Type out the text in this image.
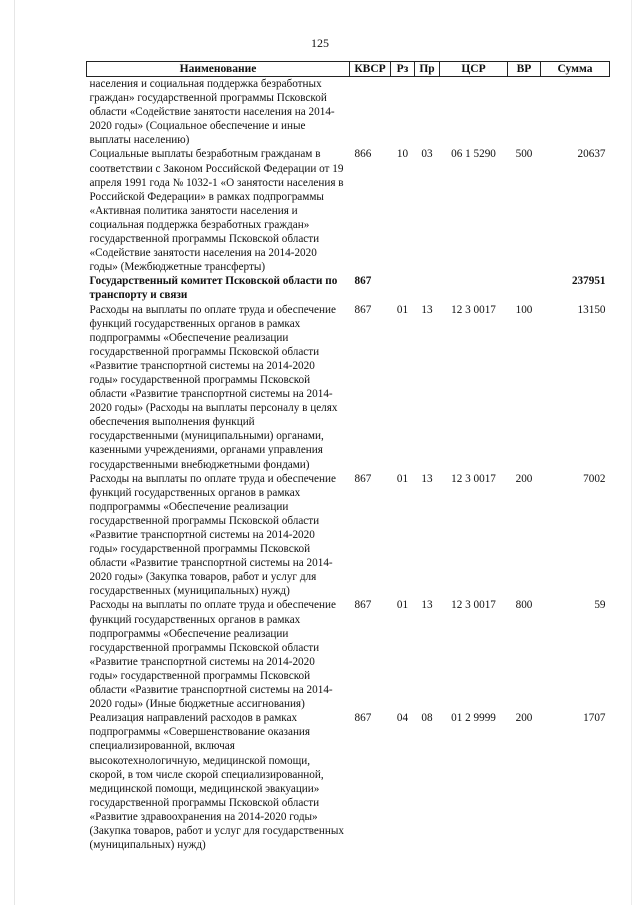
125
Наименование	КВСР	Рз	Пр	ЦСР	ВР	Сумма
населения и социальная поддержка безработных граждан» государственной программы Псковской области «Содействие занятости населения на 2014-2020 годы» (Социальное обеспечение и иные выплаты населению)						
Социальные выплаты безработным гражданам в соответствии с Законом Российской Федерации от 19 апреля 1991 года № 1032-1 «О занятости населения в Российской Федерации» в рамках подпрограммы «Активная политика занятости населения и социальная поддержка безработных граждан» государственной программы Псковской области «Содействие занятости населения на 2014-2020 годы» (Межбюджетные трансферты)	866	10	03	06 1 5290	500	20637
Государственный комитет Псковской области по транспорту и связи	867					237951
Расходы на выплаты по оплате труда и обеспечение функций государственных органов в рамках подпрограммы «Обеспечение реализации государственной программы Псковской области «Развитие транспортной системы на 2014-2020 годы» государственной программы Псковской области «Развитие транспортной системы на 2014-2020 годы» (Расходы на выплаты персоналу в целях обеспечения выполнения функций государственными (муниципальными) органами, казенными учреждениями, органами управления государственными внебюджетными фондами)	867	01	13	12 3 0017	100	13150
Расходы на выплаты по оплате труда и обеспечение функций государственных органов в рамках подпрограммы «Обеспечение реализации государственной программы Псковской области «Развитие транспортной системы на 2014-2020 годы» государственной программы Псковской области «Развитие транспортной системы на 2014-2020 годы» (Закупка товаров, работ и услуг для государственных (муниципальных) нужд)	867	01	13	12 3 0017	200	7002
Расходы на выплаты по оплате труда и обеспечение функций государственных органов в рамках подпрограммы «Обеспечение реализации государственной программы Псковской области «Развитие транспортной системы на 2014-2020 годы» государственной программы Псковской области «Развитие транспортной системы на 2014-2020 годы» (Иные бюджетные ассигнования)	867	01	13	12 3 0017	800	59
Реализация направлений расходов в рамках подпрограммы «Совершенствование оказания специализированной, включая высокотехнологичную, медицинской помощи, скорой, в том числе скорой специализированной, медицинской помощи, медицинской эвакуации» государственной программы Псковской области «Развитие здравоохранения на 2014-2020 годы» (Закупка товаров, работ и услуг для государственных (муниципальных) нужд)	867	04	08	01 2 9999	200	1707
